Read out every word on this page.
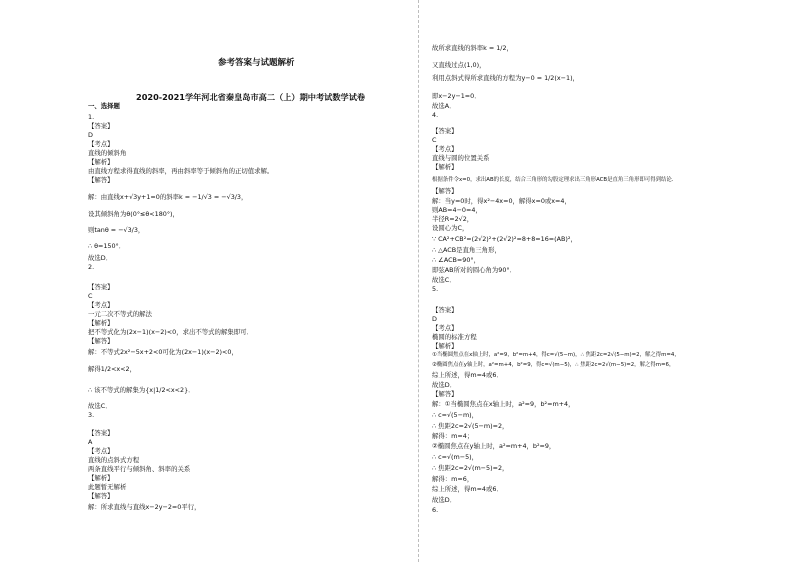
参考答案与试题解析
2020-2021学年河北省秦皇岛市高二（上）期中考试数学试卷
一、选择题
1.
【答案】
D
【考点】
直线的倾斜角
【解析】
由直线方程求得直线的斜率，再由斜率等于倾斜角的正切值求解。
【解答】
解：由直线x+√3y+1=0的斜率k = −1/√3 = −√3/3，
设其倾斜角为θ(0°≤θ<180°)，
则tanθ = −√3/3，
∴ θ=150°．
故选D．
2.
【答案】
C
【考点】
一元二次不等式的解法
【解析】
把不等式化为(2x−1)(x−2)<0，求出不等式的解集即可．
【解答】
解：不等式2x²−5x+2<0可化为(2x−1)(x−2)<0，
解得1/2<x<2，
∴ 该不等式的解集为{x|1/2<x<2}．
故选C．
3.
【答案】
A
【考点】
直线的点斜式方程
两条直线平行与倾斜角、斜率的关系
【解析】
此题暂无解析
【解答】
解：所求直线与直线x−2y−2=0平行，
故所求直线的斜率k = 1/2，
又直线过点(1,0)，
利用点斜式得所求直线的方程为y−0 = 1/2(x−1)，
即x−2y−1=0．
故选A．
4.
【答案】
C
【考点】
直线与圆的位置关系
【解析】
根据条件令x=0，求出AB的长度，结合三角形的勾股定理求出三角形ACB是直角三角形即可得到结论．
【解答】
解：当y=0时，得x²−4x=0，解得x=0或x=4，
则AB=4−0=4，
半径R=2√2，
设圆心为C，
∵ CA²+CB²=(2√2)²+(2√2)²=8+8=16=(AB)²，
∴ △ACB是直角三角形，
∴ ∠ACB=90°，
即弦AB所对的圆心角为90°．
故选C．
5.
【答案】
D
【考点】
椭圆的标准方程
【解析】
①当椭圆焦点在x轴上时，a²=9，b²=m+4，得c=√(5−m)，∴ 焦距2c=2√(5−m)=2，解之得m=4，
②椭圆焦点在y轴上时，a²=m+4，b²=9，得c=√(m−5)，∴ 焦距2c=2√(m−5)=2，解之得m=6，
综上所述，得m=4或6．
故选D．
【解答】
解：①当椭圆焦点在x轴上时，a²=9，b²=m+4，
∴ c=√(5−m)，
∴ 焦距2c=2√(5−m)=2，
解得：m=4；
②椭圆焦点在y轴上时，a²=m+4，b²=9，
∴ c=√(m−5)，
∴ 焦距2c=2√(m−5)=2，
解得：m=6，
综上所述，得m=4或6．
故选D．
6.
